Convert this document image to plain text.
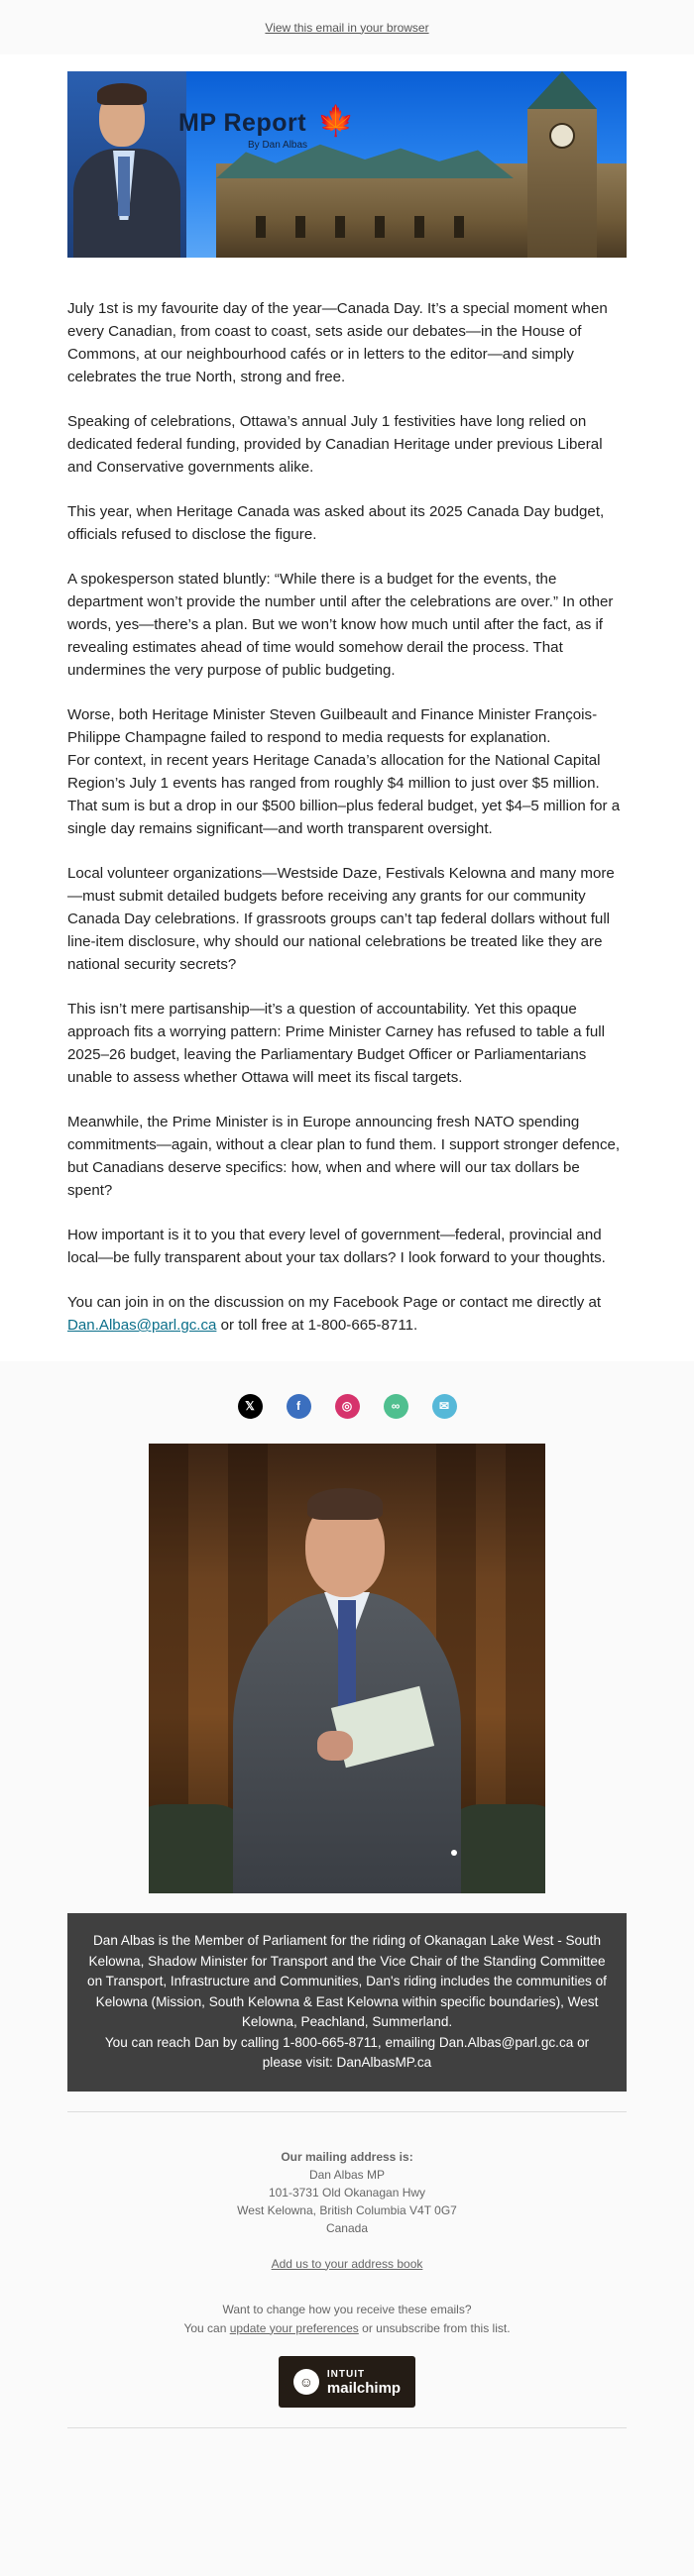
View this email in your browser
MP Report 🍁
By Dan Albas

July 1st is my favourite day of the year—Canada Day. It’s a special moment when every Canadian, from coast to coast, sets aside our debates—in the House of Commons, at our neighbourhood cafés or in letters to the editor—and simply celebrates the true North, strong and free.

Speaking of celebrations, Ottawa’s annual July 1 festivities have long relied on dedicated federal funding, provided by Canadian Heritage under previous Liberal and Conservative governments alike.

This year, when Heritage Canada was asked about its 2025 Canada Day budget, officials refused to disclose the figure.

A spokesperson stated bluntly: “While there is a budget for the events, the department won’t provide the number until after the celebrations are over.” In other words, yes—there’s a plan. But we won’t know how much until after the fact, as if revealing estimates ahead of time would somehow derail the process. That undermines the very purpose of public budgeting.

Worse, both Heritage Minister Steven Guilbeault and Finance Minister François-Philippe Champagne failed to respond to media requests for explanation.

For context, in recent years Heritage Canada’s allocation for the National Capital Region’s July 1 events has ranged from roughly $4 million to just over $5 million. That sum is but a drop in our $500 billion–plus federal budget, yet $4–5 million for a single day remains significant—and worth transparent oversight.

Local volunteer organizations—Westside Daze, Festivals Kelowna and many more—must submit detailed budgets before receiving any grants for our community Canada Day celebrations. If grassroots groups can’t tap federal dollars without full line-item disclosure, why should our national celebrations be treated like they are national security secrets?

This isn’t mere partisanship—it’s a question of accountability. Yet this opaque approach fits a worrying pattern: Prime Minister Carney has refused to table a full 2025–26 budget, leaving the Parliamentary Budget Officer or Parliamentarians unable to assess whether Ottawa will meet its fiscal targets.

Meanwhile, the Prime Minister is in Europe announcing fresh NATO spending commitments—again, without a clear plan to fund them. I support stronger defence, but Canadians deserve specifics: how, when and where will our tax dollars be spent?

How important is it to you that every level of government—federal, provincial and local—be fully transparent about your tax dollars? I look forward to your thoughts.

You can join in on the discussion on my Facebook Page or contact me directly at Dan.Albas@parl.gc.ca or toll free at 1-800-665-8711.

𝕏	f	◎	∞	✉
Dan Albas is the Member of Parliament for the riding of Okanagan Lake West - South Kelowna, Shadow Minister for Transport and the Vice Chair of the Standing Committee on Transport, Infrastructure and Communities, Dan's riding includes the communities of Kelowna (Mission, South Kelowna & East Kelowna within specific boundaries), West Kelowna, Peachland, Summerland.
You can reach Dan by calling 1-800-665-8711, emailing Dan.Albas@parl.gc.ca or please visit: DanAlbasMP.ca
Our mailing address is:
Dan Albas MP
101-3731 Old Okanagan Hwy
West Kelowna, British Columbia V4T 0G7
Canada
Add us to your address book
Want to change how you receive these emails?
You can update your preferences or unsubscribe from this list.
☺	INTUIT
mailchimp
